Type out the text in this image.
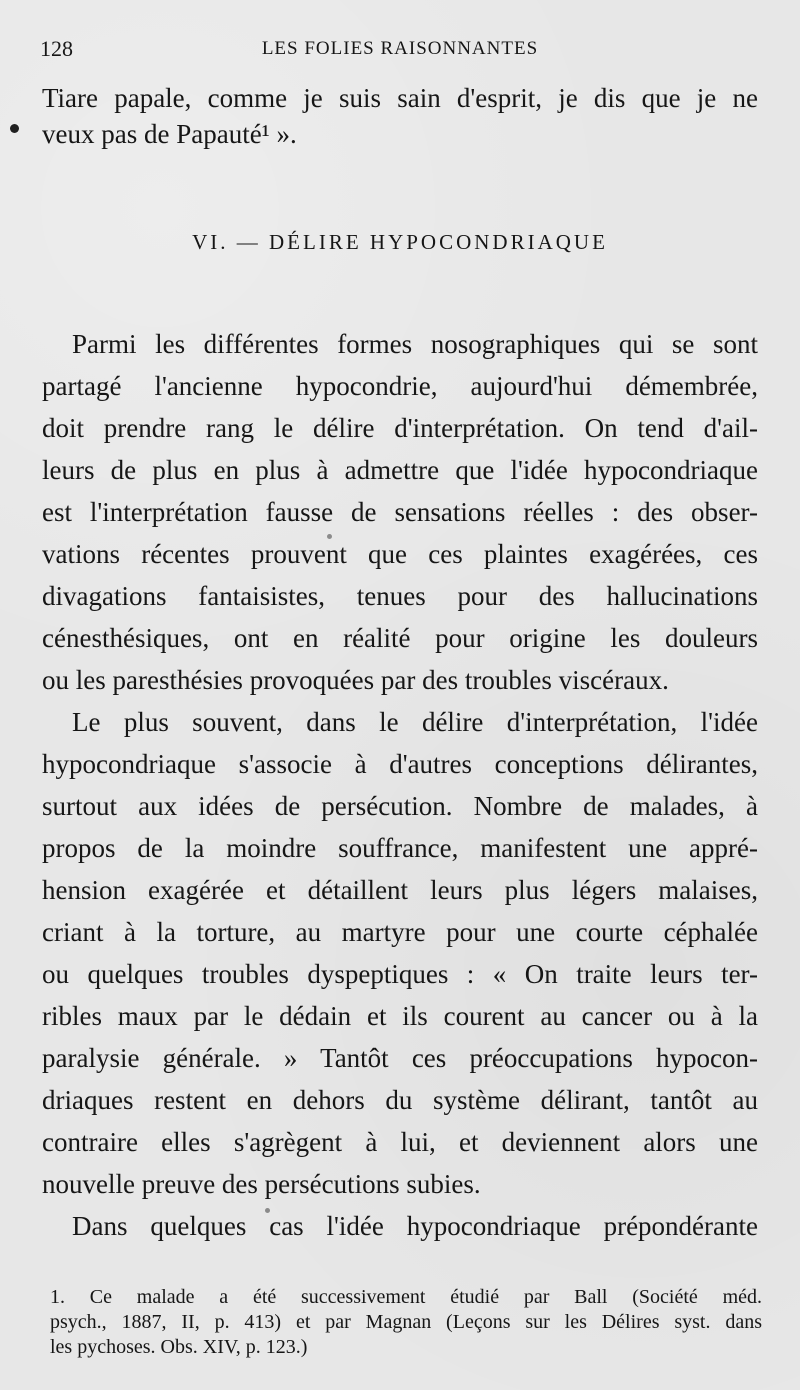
128	LES FOLIES RAISONNANTES
Tiare papale, comme je suis sain d'esprit, je dis que je ne
veux pas de Papauté¹ ».
VI. — DÉLIRE HYPOCONDRIAQUE
Parmi les différentes formes nosographiques qui se sont
partagé l'ancienne hypocondrie, aujourd'hui démembrée,
doit prendre rang le délire d'interprétation. On tend d'ail-
leurs de plus en plus à admettre que l'idée hypocondriaque
est l'interprétation fausse de sensations réelles : des obser-
vations récentes prouvent que ces plaintes exagérées, ces
divagations fantaisistes, tenues pour des hallucinations
cénesthésiques, ont en réalité pour origine les douleurs
ou les paresthésies provoquées par des troubles viscéraux.
Le plus souvent, dans le délire d'interprétation, l'idée
hypocondriaque s'associe à d'autres conceptions délirantes,
surtout aux idées de persécution. Nombre de malades, à
propos de la moindre souffrance, manifestent une appré-
hension exagérée et détaillent leurs plus légers malaises,
criant à la torture, au martyre pour une courte céphalée
ou quelques troubles dyspeptiques : « On traite leurs ter-
ribles maux par le dédain et ils courent au cancer ou à la
paralysie générale. » Tantôt ces préoccupations hypocon-
driaques restent en dehors du système délirant, tantôt au
contraire elles s'agrègent à lui, et deviennent alors une
nouvelle preuve des persécutions subies.
Dans quelques cas l'idée hypocondriaque prépondérante
1. Ce malade a été successivement étudié par Ball (Société méd.
psych., 1887, II, p. 413) et par Magnan (Leçons sur les Délires syst. dans
les pychoses. Obs. XIV, p. 123.)
